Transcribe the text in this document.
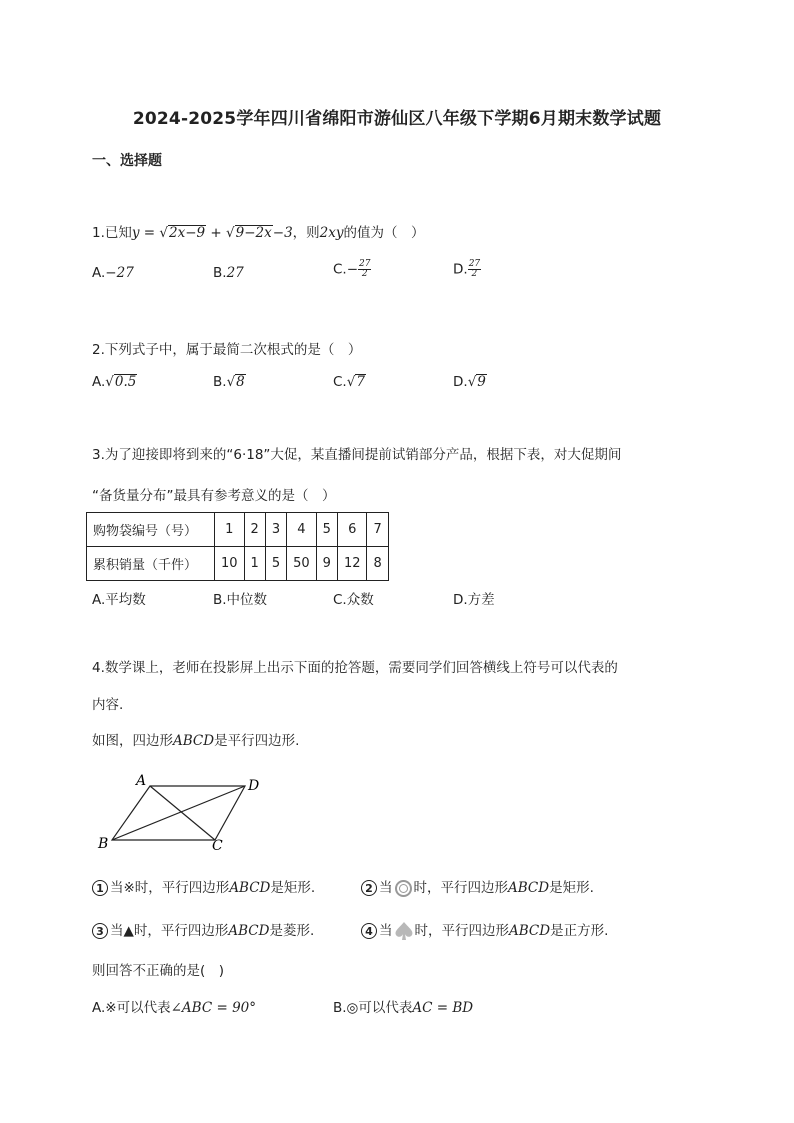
2024-2025学年四川省绵阳市游仙区八年级下学期6月期末数学试题
一、选择题
1.已知y = √2x−9 + √9−2x−3，则2xy的值为（　）
A.−27	B.27	$C.- \frac{27}{2}$	D. $\frac{27}{2}$
2.下列式子中，属于最简二次根式的是（　）
A.√0.5	B.√8	C.√7	D.√9
3.为了迎接即将到来的“6·18”大促，某直播间提前试销部分产品，根据下表，对大促期间
“备货量分布”最具有参考意义的是（　）
购物袋编号（号）	1	2	3	4	5	6	7
累积销量（千件）	10	1	5	50	9	12	8
A.平均数	B.中位数	C.众数	D.方差
4.数学课上，老师在投影屏上出示下面的抢答题，需要同学们回答横线上符号可以代表的
内容.
如图，四边形ABCD是平行四边形.
A	D
B	C
1 当※时，平行四边形ABCD是矩形.	2 当 时，平行四边形ABCD是矩形.
3 当▲时，平行四边形ABCD是菱形.	4 当 时，平行四边形ABCD是正方形.
则回答不正确的是(　)
A.※可以代表∠ABC = 90°	B.◎可以代表AC = BD
